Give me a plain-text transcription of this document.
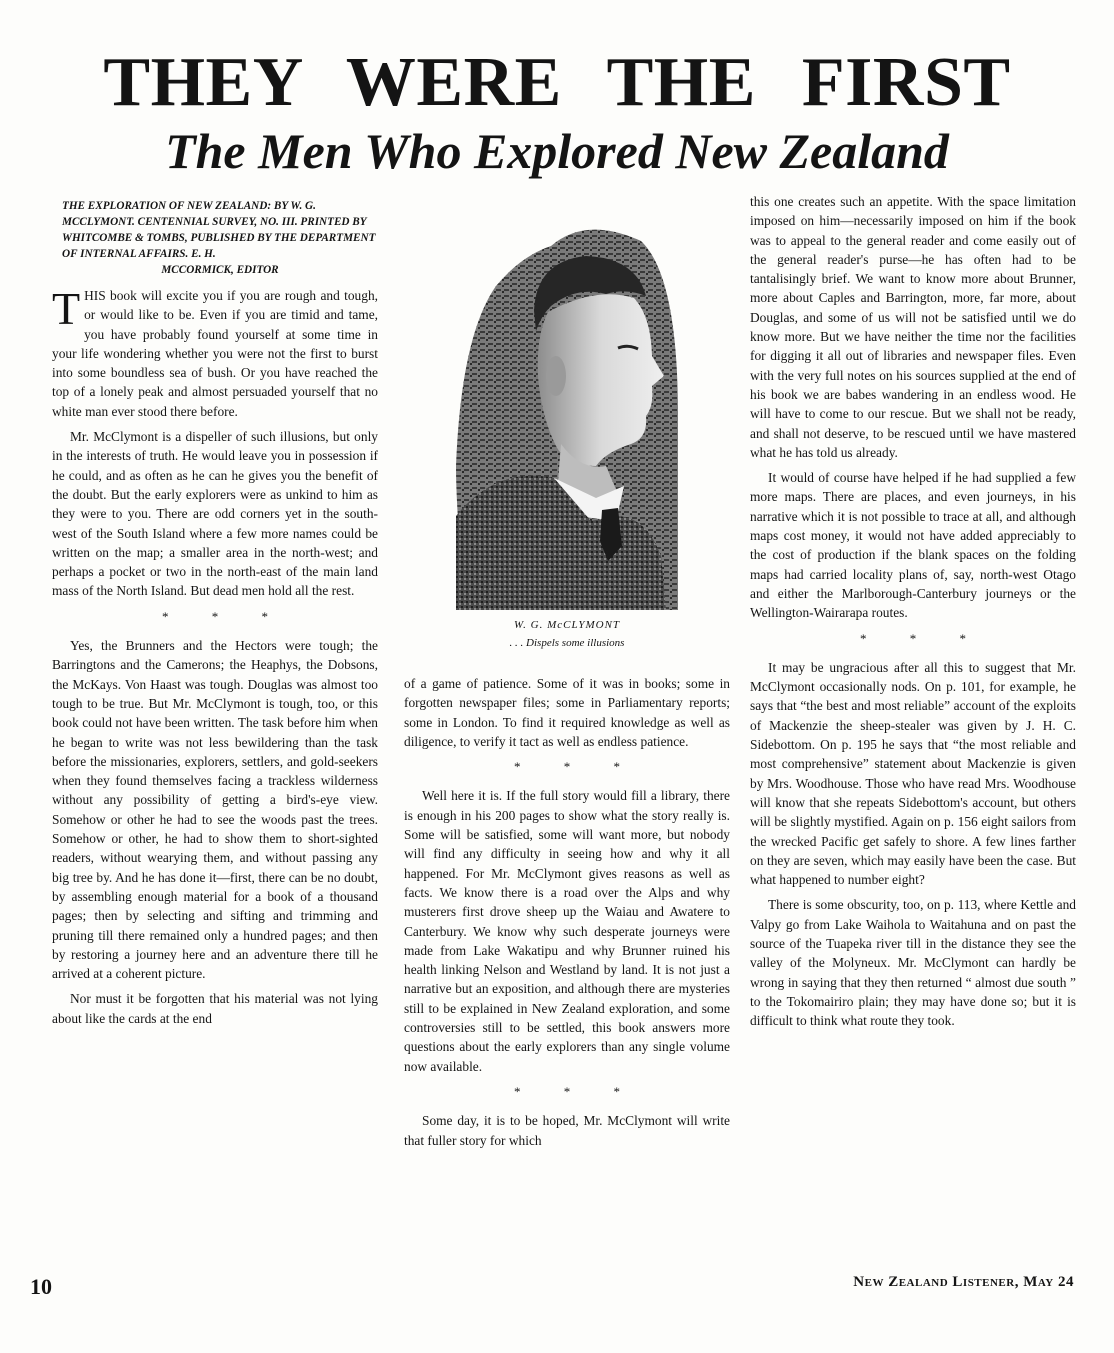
THEY WERE THE FIRST
The Men Who Explored New Zealand
THE EXPLORATION OF NEW ZEALAND: BY W. G. MCCLYMONT. CENTENNIAL SURVEY, NO. III. PRINTED BY WHITCOMBE & TOMBS, PUBLISHED BY THE DEPARTMENT OF INTERNAL AFFAIRS. E. H.
MCCORMICK, EDITOR

THIS book will excite you if you are rough and tough, or would like to be. Even if you are timid and tame, you have probably found yourself at some time in your life wondering whether you were not the first to burst into some boundless sea of bush. Or you have reached the top of a lonely peak and almost persuaded yourself that no white man ever stood there before.

Mr. McClymont is a dispeller of such illusions, but only in the interests of truth. He would leave you in possession if he could, and as often as he can he gives you the benefit of the doubt. But the early explorers were as unkind to him as they were to you. There are odd corners yet in the south-west of the South Island where a few more names could be written on the map; a smaller area in the north-west; and perhaps a pocket or two in the north-east of the main land mass of the North Island. But dead men hold all the rest.

* * *

Yes, the Brunners and the Hectors were tough; the Barringtons and the Camerons; the Heaphys, the Dobsons, the McKays. Von Haast was tough. Douglas was almost too tough to be true. But Mr. McClymont is tough, too, or this book could not have been written. The task before him when he began to write was not less bewildering than the task before the missionaries, explorers, settlers, and gold-seekers when they found themselves facing a trackless wilderness without any possibility of getting a bird's-eye view. Somehow or other he had to see the woods past the trees. Somehow or other, he had to show them to short-sighted readers, without wearying them, and without passing any big tree by. And he has done it—first, there can be no doubt, by assembling enough material for a book of a thousand pages; then by selecting and sifting and trimming and pruning till there remained only a hundred pages; and then by restoring a journey here and an adventure there till he arrived at a coherent picture.

Nor must it be forgotten that his material was not lying about like the cards at the end

W. G. McCLYMONT
. . . Dispels some illusions

of a game of patience. Some of it was in books; some in forgotten newspaper files; some in Parliamentary reports; some in London. To find it required knowledge as well as diligence, to verify it tact as well as endless patience.

* * *

Well here it is. If the full story would fill a library, there is enough in his 200 pages to show what the story really is. Some will be satisfied, some will want more, but nobody will find any difficulty in seeing how and why it all happened. For Mr. McClymont gives reasons as well as facts. We know there is a road over the Alps and why musterers first drove sheep up the Waiau and Awatere to Canterbury. We know why such desperate journeys were made from Lake Wakatipu and why Brunner ruined his health linking Nelson and Westland by land. It is not just a narrative but an exposition, and although there are mysteries still to be explained in New Zealand exploration, and some controversies still to be settled, this book answers more questions about the early explorers than any single volume now available.

* * *

Some day, it is to be hoped, Mr. McClymont will write that fuller story for which

this one creates such an appetite. With the space limitation imposed on him—necessarily imposed on him if the book was to appeal to the general reader and come easily out of the general reader's purse—he has often had to be tantalisingly brief. We want to know more about Brunner, more about Caples and Barrington, more, far more, about Douglas, and some of us will not be satisfied until we do know more. But we have neither the time nor the facilities for digging it all out of libraries and newspaper files. Even with the very full notes on his sources supplied at the end of his book we are babes wandering in an endless wood. He will have to come to our rescue. But we shall not be ready, and shall not deserve, to be rescued until we have mastered what he has told us already.

It would of course have helped if he had supplied a few more maps. There are places, and even journeys, in his narrative which it is not possible to trace at all, and although maps cost money, it would not have added appreciably to the cost of production if the blank spaces on the folding maps had carried locality plans of, say, north-west Otago and either the Marlborough-Canterbury journeys or the Wellington-Wairarapa routes.

* * *

It may be ungracious after all this to suggest that Mr. McClymont occasionally nods. On p. 101, for example, he says that “the best and most reliable” account of the exploits of Mackenzie the sheep-stealer was given by J. H. C. Sidebottom. On p. 195 he says that “the most reliable and most comprehensive” statement about Mackenzie is given by Mrs. Woodhouse. Those who have read Mrs. Woodhouse will know that she repeats Sidebottom's account, but others will be slightly mystified. Again on p. 156 eight sailors from the wrecked Pacific get safely to shore. A few lines farther on they are seven, which may easily have been the case. But what happened to number eight?

There is some obscurity, too, on p. 113, where Kettle and Valpy go from Lake Waihola to Waitahuna and on past the source of the Tuapeka river till in the distance they see the valley of the Molyneux. Mr. McClymont can hardly be wrong in saying that they then returned “ almost due south ” to the Tokomairiro plain; they may have done so; but it is difficult to think what route they took.

10	New Zealand Listener, May 24
